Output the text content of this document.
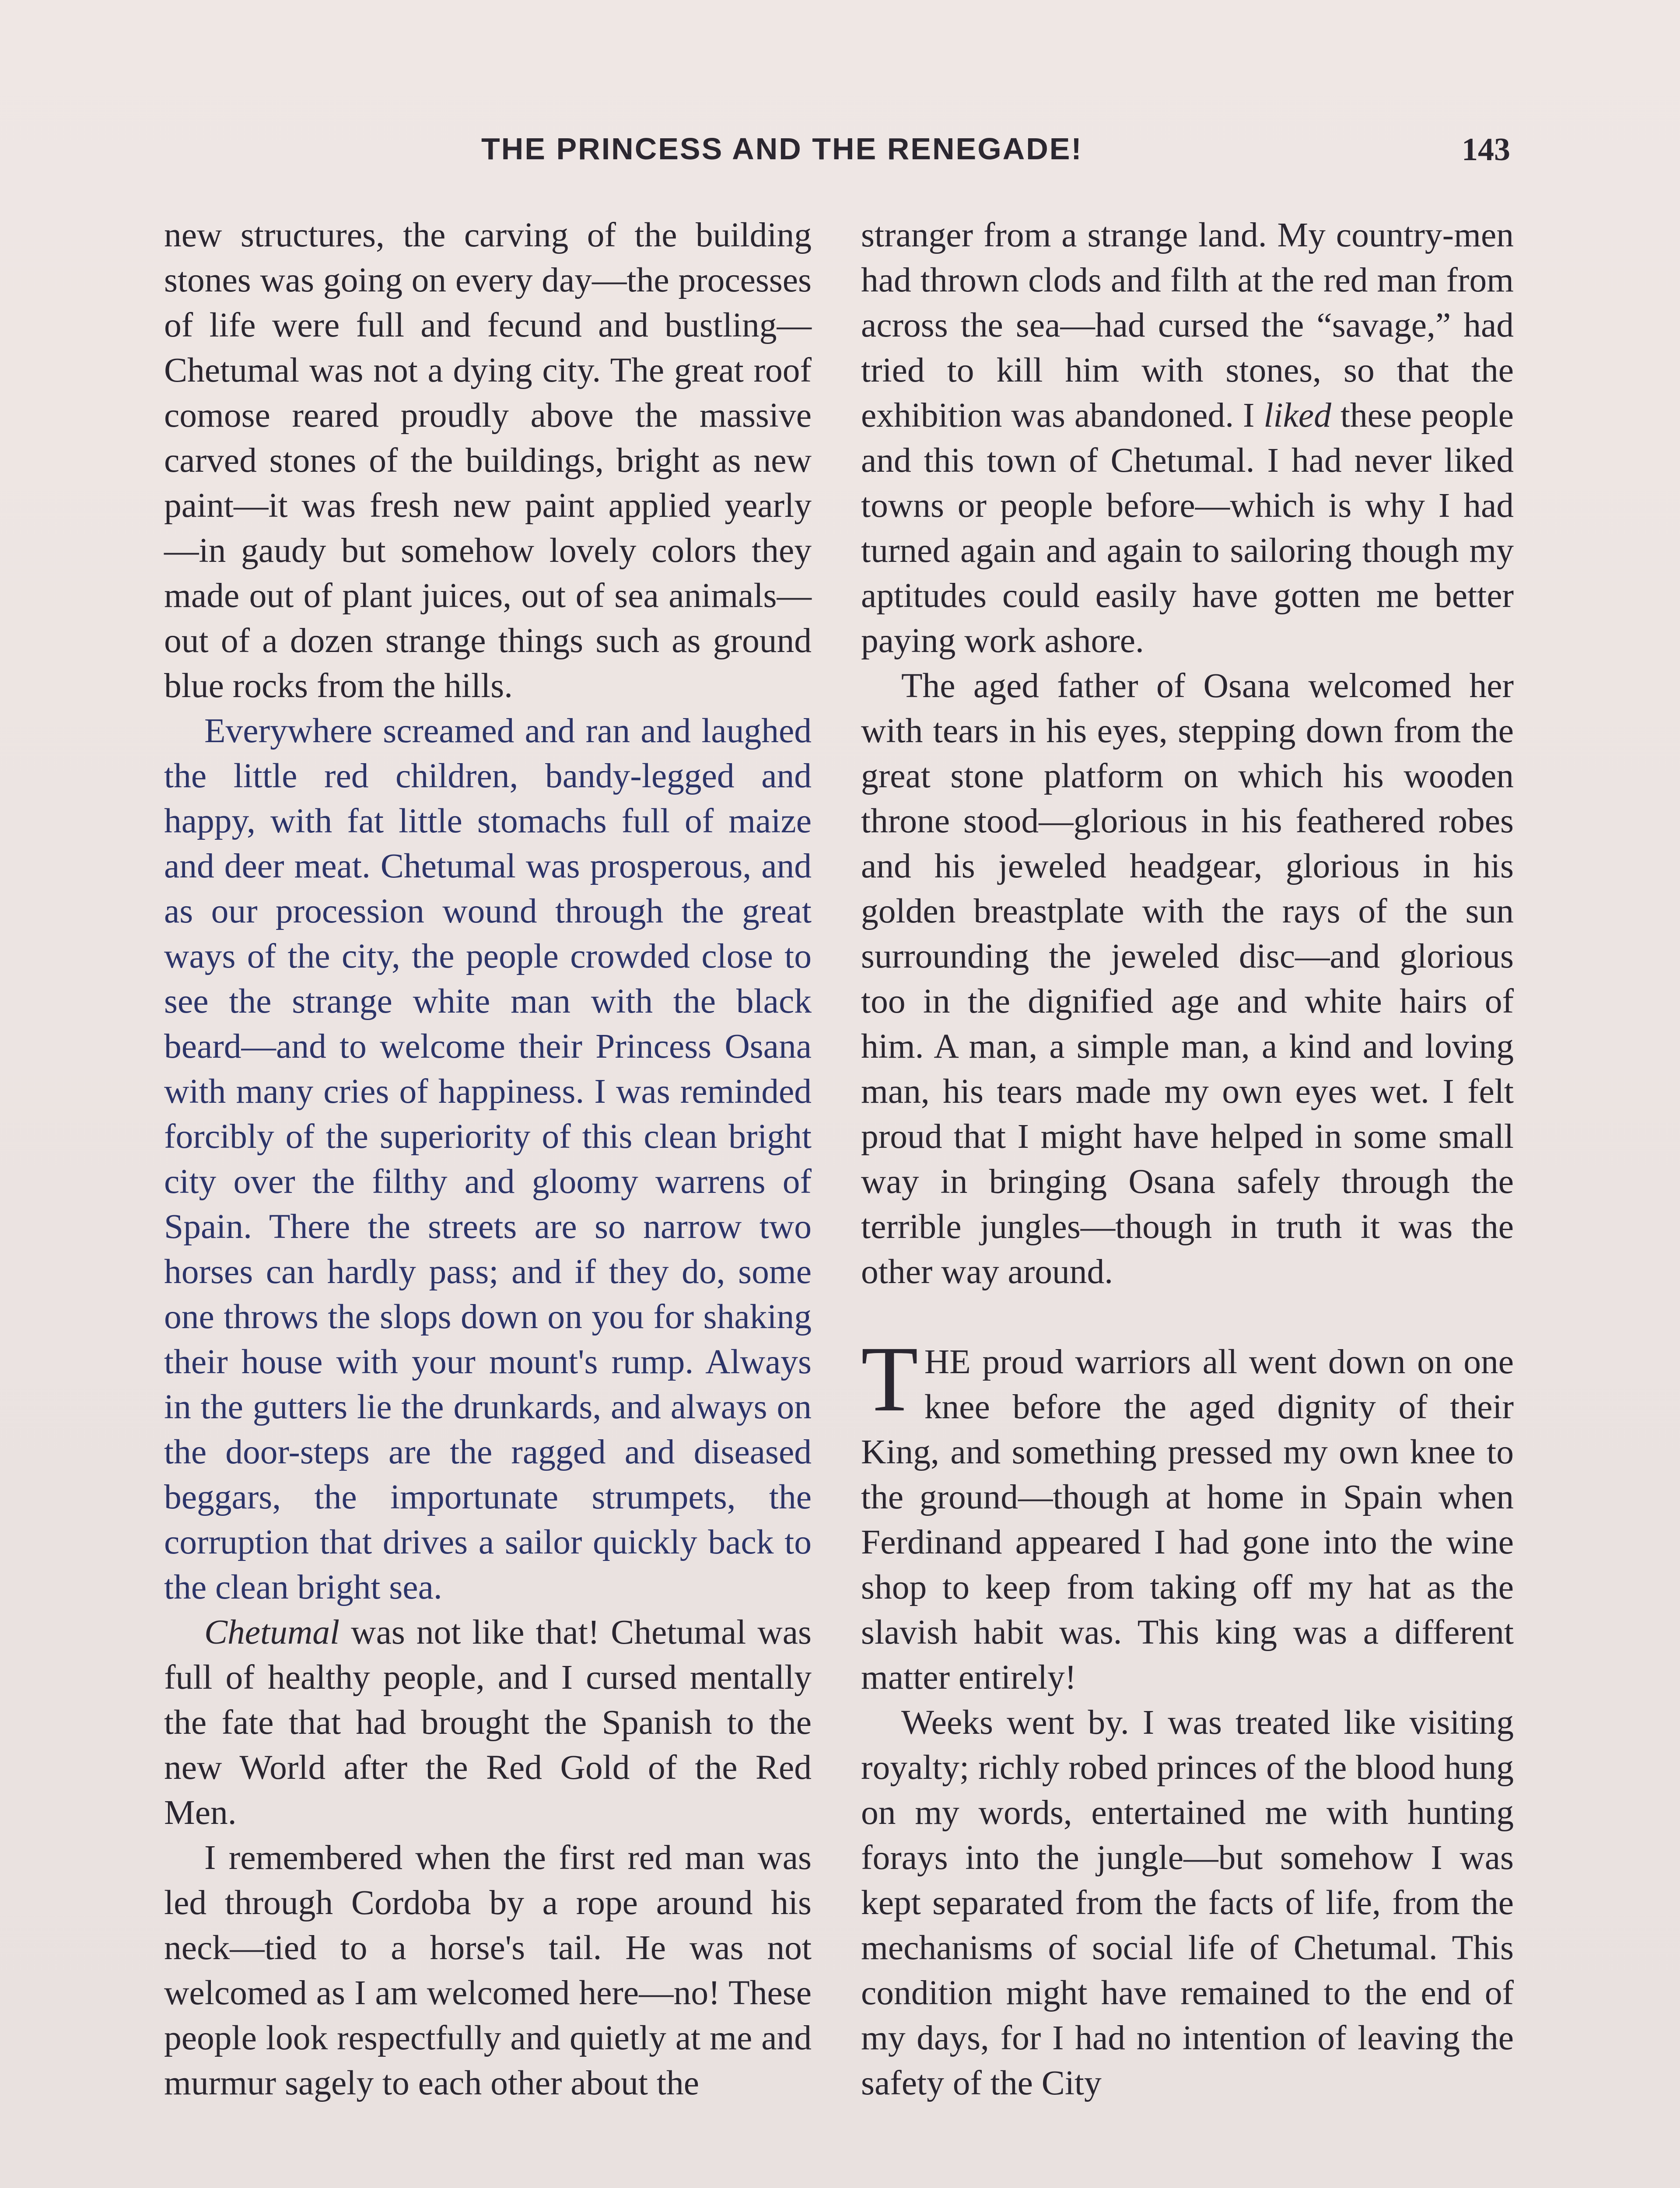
THE PRINCESS AND THE RENEGADE!	143

new structures, the carving of the building stones was going on every day—the processes of life were full and fecund and bustling—Chetumal was not a dying city. The great roof comose reared proudly above the massive carved stones of the buildings, bright as new paint—it was fresh new paint applied yearly—in gaudy but somehow lovely colors they made out of plant juices, out of sea animals—out of a dozen strange things such as ground blue rocks from the hills.

Everywhere screamed and ran and laughed the little red children, bandy-legged and happy, with fat little stomachs full of maize and deer meat. Chetumal was prosperous, and as our procession wound through the great ways of the city, the people crowded close to see the strange white man with the black beard—and to welcome their Princess Osana with many cries of happiness. I was reminded forcibly of the superiority of this clean bright city over the filthy and gloomy warrens of Spain. There the streets are so narrow two horses can hardly pass; and if they do, some one throws the slops down on you for shaking their house with your mount's rump. Always in the gutters lie the drunkards, and always on the door-steps are the ragged and diseased beggars, the importunate strumpets, the corruption that drives a sailor quickly back to the clean bright sea.

Chetumal was not like that! Chetumal was full of healthy people, and I cursed mentally the fate that had brought the Spanish to the new World after the Red Gold of the Red Men.

I remembered when the first red man was led through Cordoba by a rope around his neck—tied to a horse's tail. He was not welcomed as I am welcomed here—no! These people look respectfully and quietly at me and murmur sagely to each other about the

stranger from a strange land. My country-men had thrown clods and filth at the red man from across the sea—had cursed the “savage,” had tried to kill him with stones, so that the exhibition was abandoned. I liked these people and this town of Chetumal. I had never liked towns or people before—which is why I had turned again and again to sailoring though my aptitudes could easily have gotten me better paying work ashore.

The aged father of Osana welcomed her with tears in his eyes, stepping down from the great stone platform on which his wooden throne stood—glorious in his feathered robes and his jeweled headgear, glorious in his golden breastplate with the rays of the sun surrounding the jeweled disc—and glorious too in the dignified age and white hairs of him. A man, a simple man, a kind and loving man, his tears made my own eyes wet. I felt proud that I might have helped in some small way in bringing Osana safely through the terrible jungles—though in truth it was the other way around.

THE proud warriors all went down on one knee before the aged dignity of their King, and something pressed my own knee to the ground—though at home in Spain when Ferdinand appeared I had gone into the wine shop to keep from taking off my hat as the slavish habit was. This king was a different matter entirely!

Weeks went by. I was treated like visiting royalty; richly robed princes of the blood hung on my words, entertained me with hunting forays into the jungle—but somehow I was kept separated from the facts of life, from the mechanisms of social life of Chetumal. This condition might have remained to the end of my days, for I had no intention of leaving the safety of the City
